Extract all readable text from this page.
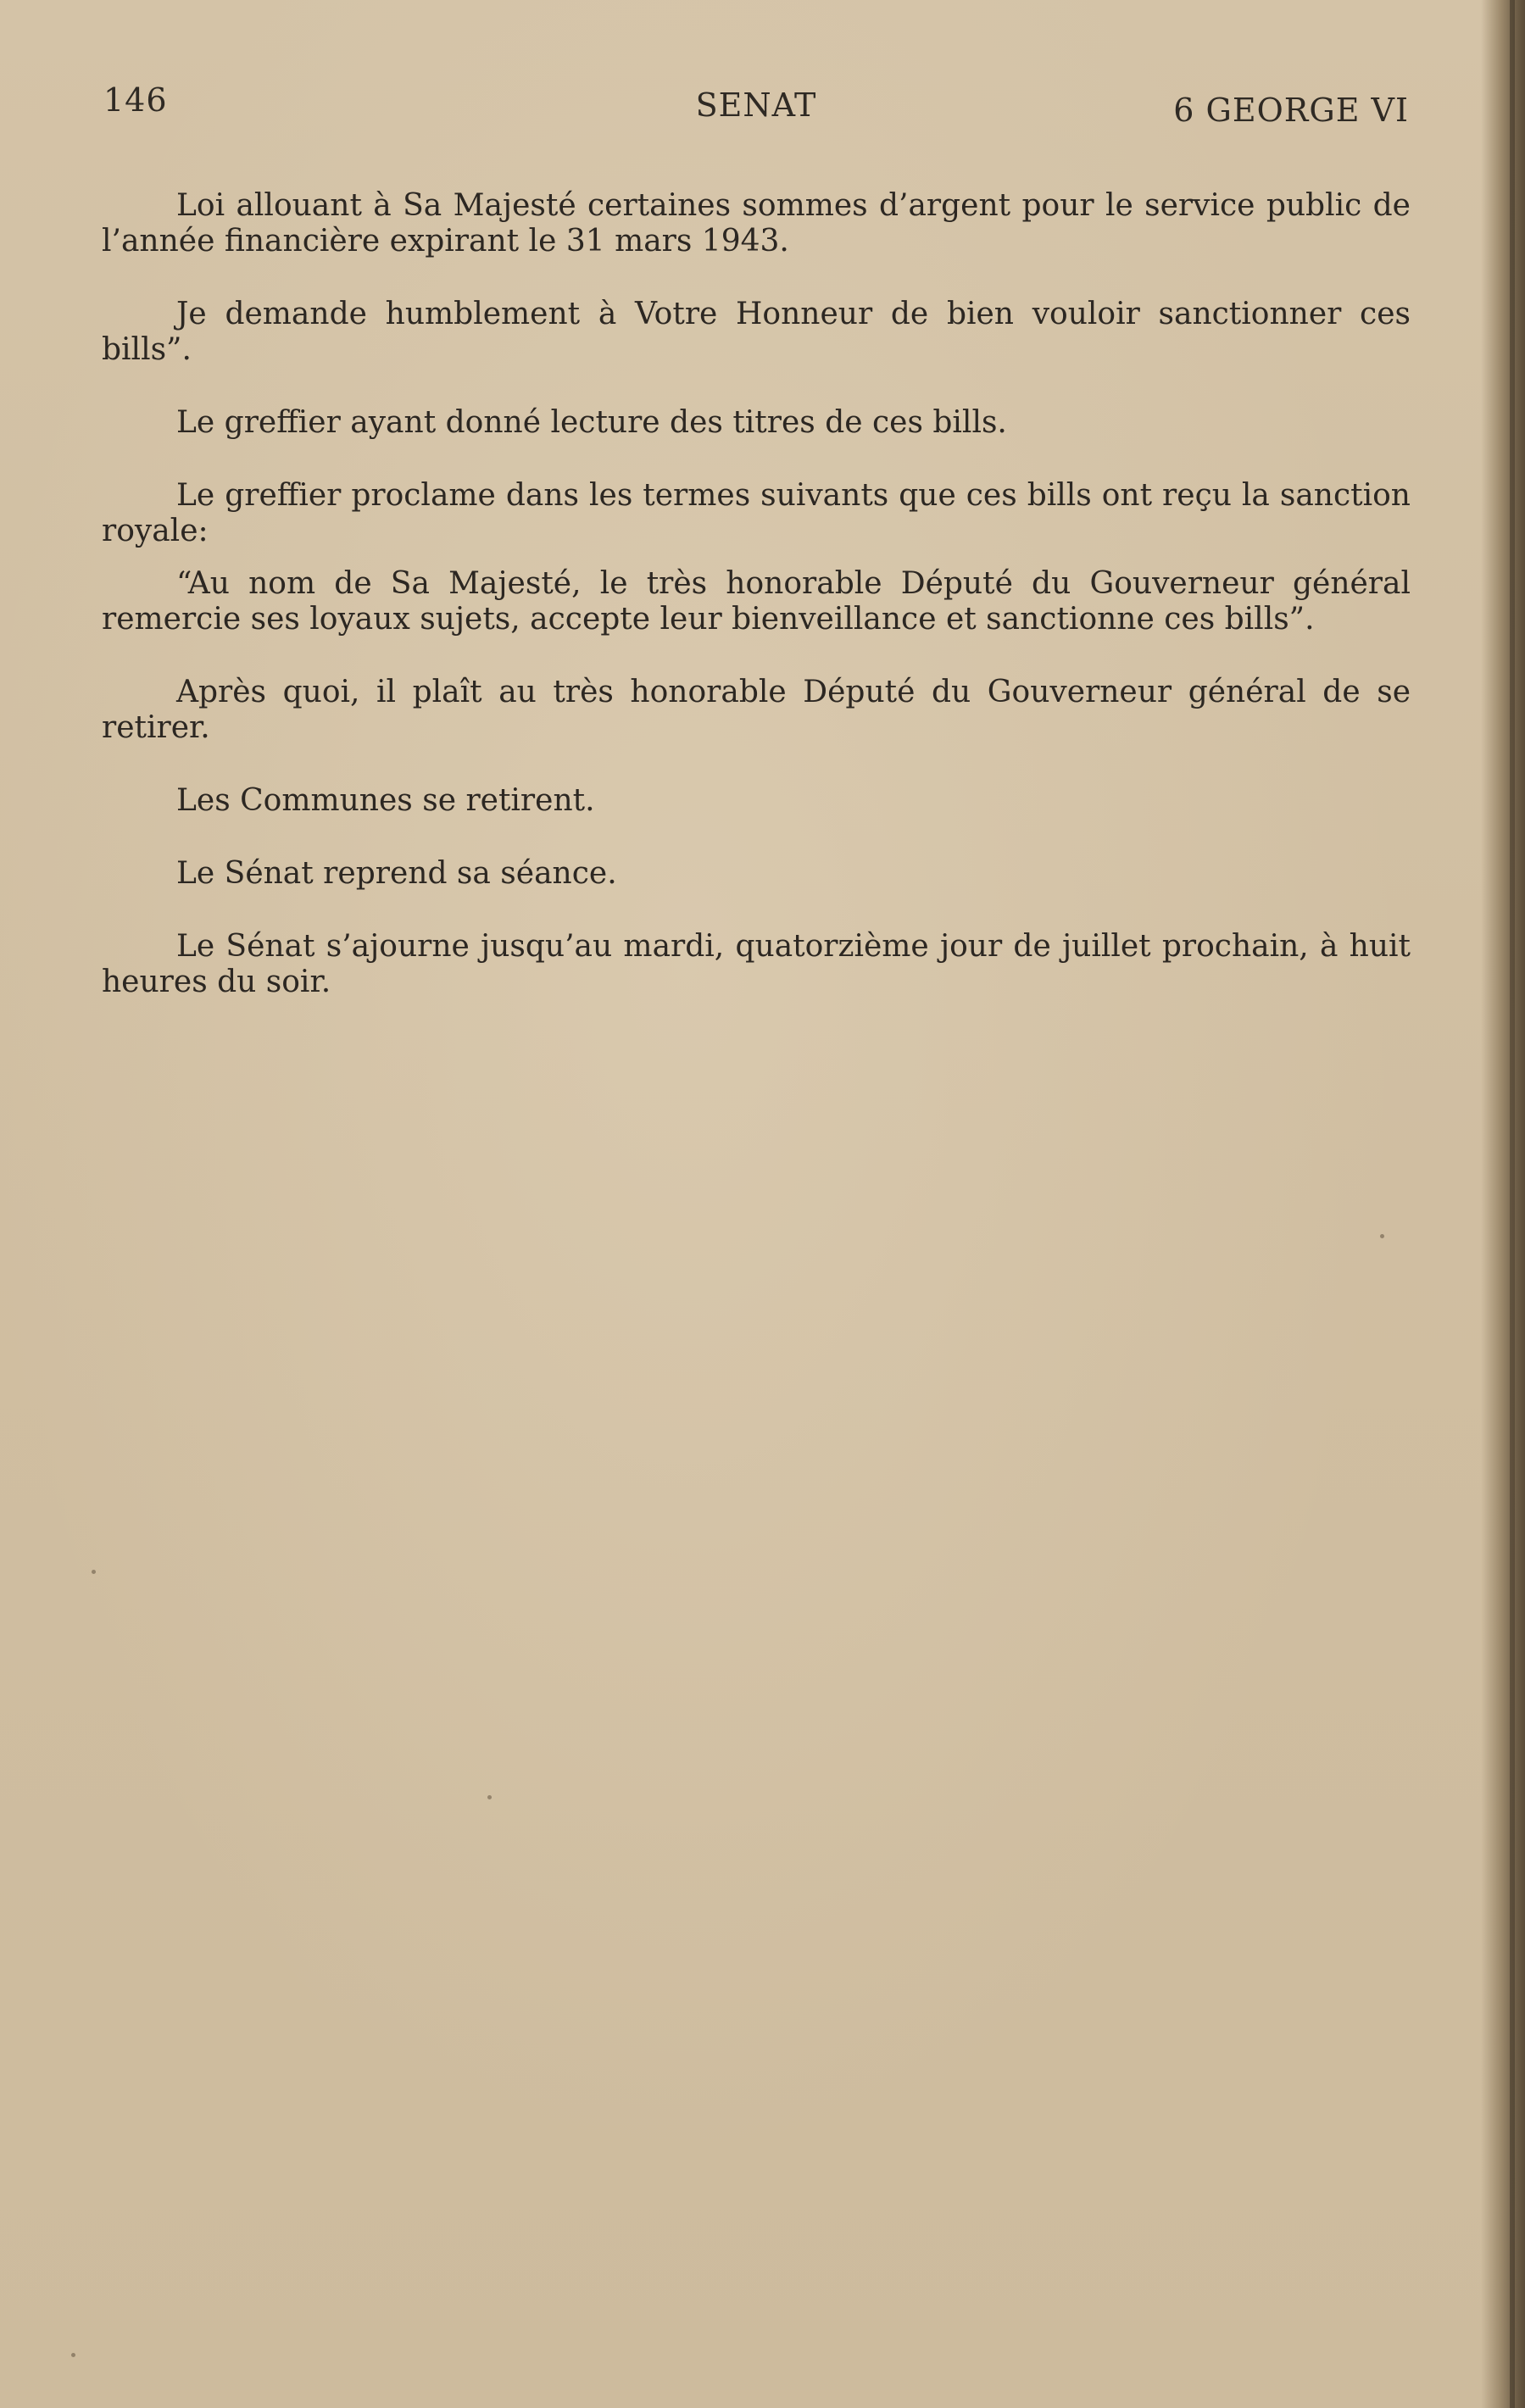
146	SENAT	6 GEORGE VI

Loi allouant à Sa Majesté certaines sommes d’argent pour le service public de l’année financière expirant le 31 mars 1943.

Je demande humblement à Votre Honneur de bien vouloir sanctionner ces bills”.

Le greffier ayant donné lecture des titres de ces bills.

Le greffier proclame dans les termes suivants que ces bills ont reçu la sanction royale:

“Au nom de Sa Majesté, le très honorable Député du Gouverneur général remercie ses loyaux sujets, accepte leur bienveillance et sanctionne ces bills”.

Après quoi, il plaît au très honorable Député du Gouverneur général de se retirer.

Les Communes se retirent.

Le Sénat reprend sa séance.

Le Sénat s’ajourne jusqu’au mardi, quatorzième jour de juillet prochain, à huit heures du soir.
